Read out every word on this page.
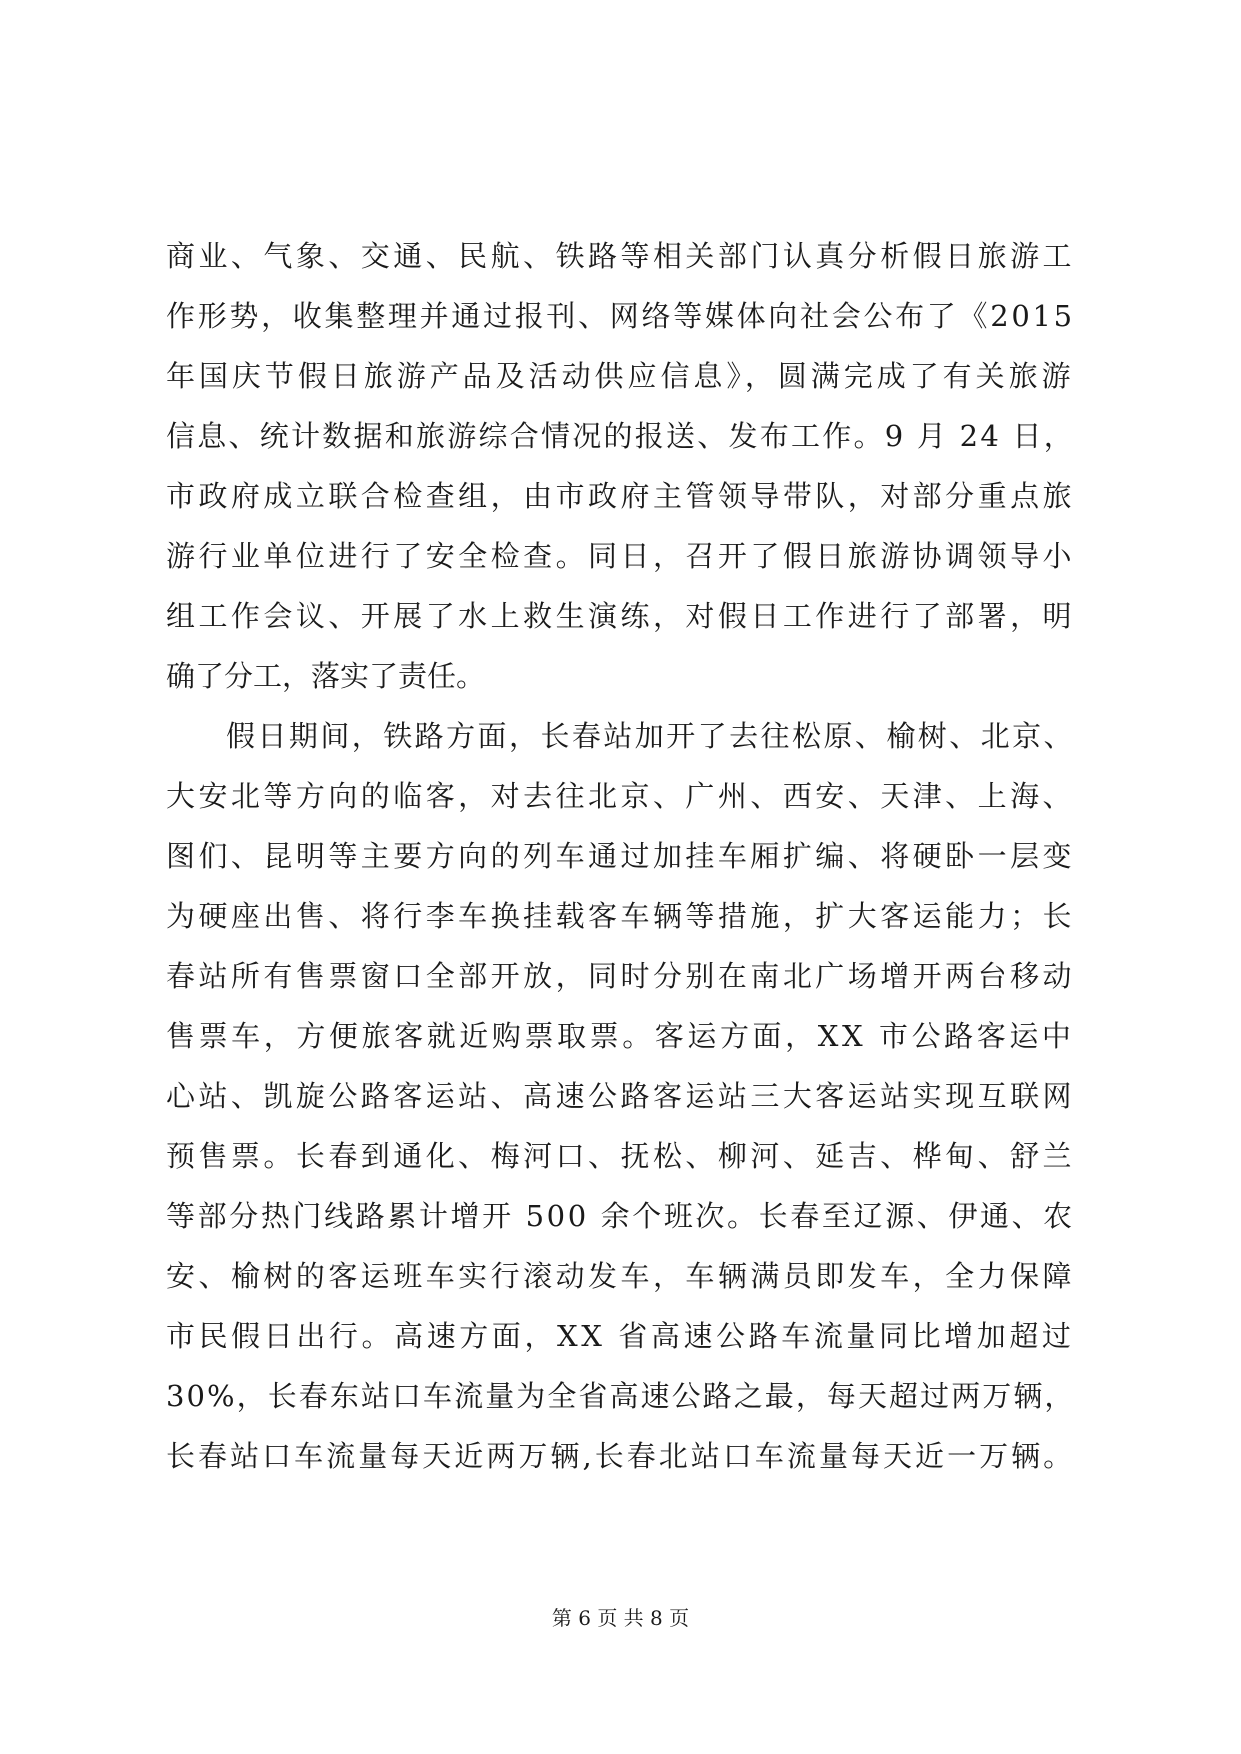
商业、气象、交通、民航、铁路等相关部门认真分析假日旅游工
作形势，收集整理并通过报刊、网络等媒体向社会公布了《2015
年国庆节假日旅游产品及活动供应信息》，圆满完成了有关旅游
信息、统计数据和旅游综合情况的报送、发布工作。9 月 24 日，
市政府成立联合检查组，由市政府主管领导带队，对部分重点旅
游行业单位进行了安全检查。同日，召开了假日旅游协调领导小
组工作会议、开展了水上救生演练，对假日工作进行了部署，明
确了分工，落实了责任。
假日期间，铁路方面，长春站加开了去往松原、榆树、北京、
大安北等方向的临客，对去往北京、广州、西安、天津、上海、
图们、昆明等主要方向的列车通过加挂车厢扩编、将硬卧一层变
为硬座出售、将行李车换挂载客车辆等措施，扩大客运能力；长
春站所有售票窗口全部开放，同时分别在南北广场增开两台移动
售票车，方便旅客就近购票取票。客运方面，XX 市公路客运中
心站、凯旋公路客运站、高速公路客运站三大客运站实现互联网
预售票。长春到通化、梅河口、抚松、柳河、延吉、桦甸、舒兰
等部分热门线路累计增开 500 余个班次。长春至辽源、伊通、农
安、榆树的客运班车实行滚动发车，车辆满员即发车，全力保障
市民假日出行。高速方面，XX 省高速公路车流量同比增加超过
30%，长春东站口车流量为全省高速公路之最，每天超过两万辆，
长春站口车流量每天近两万辆,长春北站口车流量每天近一万辆。
第 6 页 共 8 页
